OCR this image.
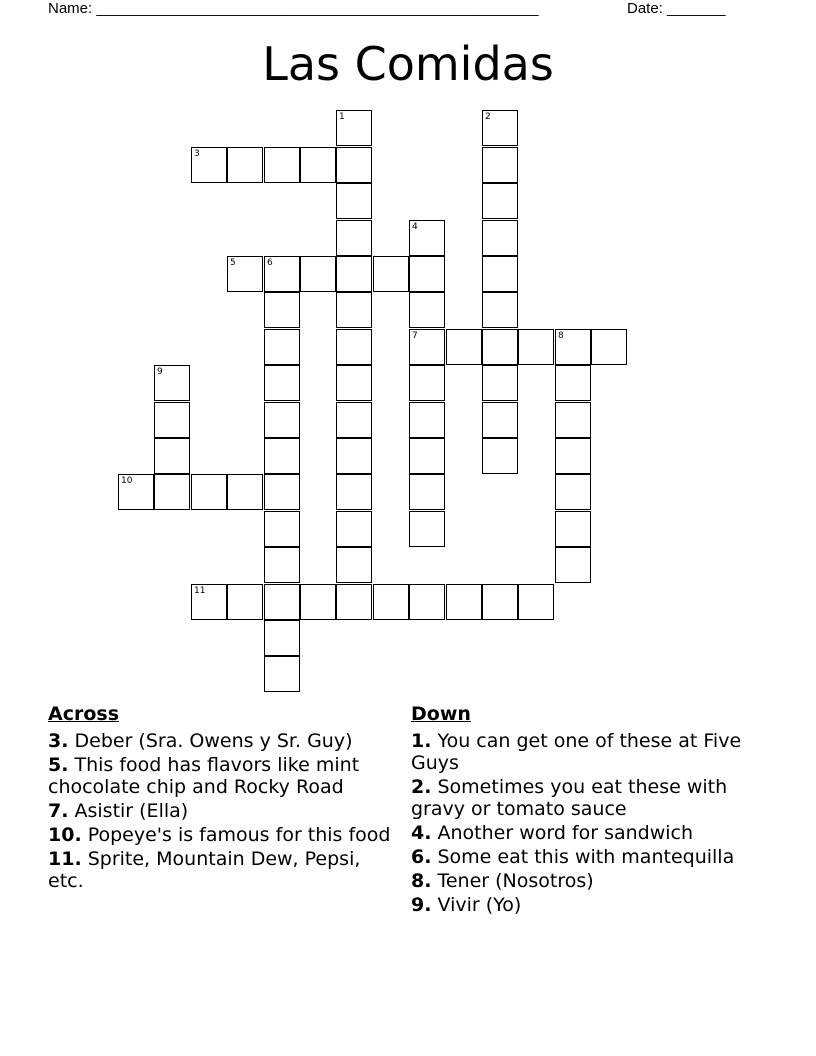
Name: _____________________________________________________	Date: _______
Las Comidas
1	2
3
4
5	6
7	8
9
10
11
Across
3. Deber (Sra. Owens y Sr. Guy)
5. This food has flavors like mint chocolate chip and Rocky Road
7. Asistir (Ella)
10. Popeye's is famous for this food
11. Sprite, Mountain Dew, Pepsi, etc.
Down
1. You can get one of these at Five Guys
2. Sometimes you eat these with gravy or tomato sauce
4. Another word for sandwich
6. Some eat this with mantequilla
8. Tener (Nosotros)
9. Vivir (Yo)
